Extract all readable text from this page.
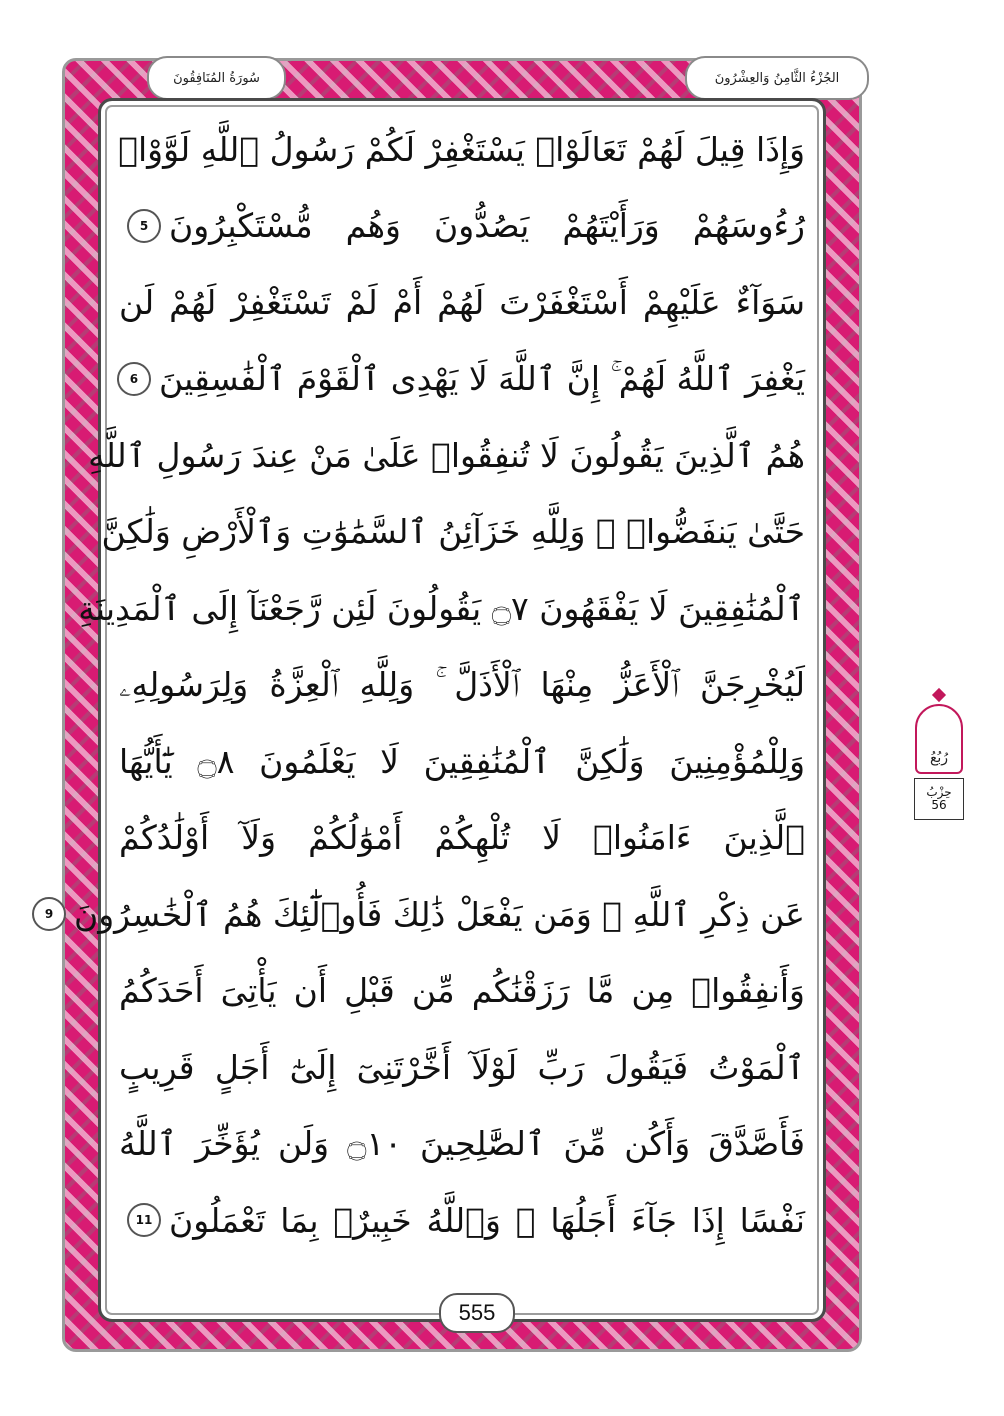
الجُزْءُ الثَّامِنُ وَالعِشْرُونَ
سُورَةُ المُنَافِقُونَ
وَإِذَا قِيلَ لَهُمْ تَعَالَوْا۟ يَسْتَغْفِرْ لَكُمْ رَسُولُ ٱللَّهِ لَوَّوْا۟
رُءُوسَهُمْ وَرَأَيْتَهُمْ يَصُدُّونَ وَهُم مُّسْتَكْبِرُونَ
5
سَوَآءٌ عَلَيْهِمْ أَسْتَغْفَرْتَ لَهُمْ أَمْ لَمْ تَسْتَغْفِرْ لَهُمْ لَن
يَغْفِرَ ٱللَّهُ لَهُمْ ۚ إِنَّ ٱللَّهَ لَا يَهْدِى ٱلْقَوْمَ ٱلْفَٰسِقِينَ
6
هُمُ ٱلَّذِينَ يَقُولُونَ لَا تُنفِقُوا۟ عَلَىٰ مَنْ عِندَ رَسُولِ ٱللَّهِ
حَتَّىٰ يَنفَضُّوا۟ ۗ وَلِلَّهِ خَزَآئِنُ ٱلسَّمَٰوَٰتِ وَٱلْأَرْضِ وَلَٰكِنَّ
ٱلْمُنَٰفِقِينَ لَا يَفْقَهُونَ ۝٧ يَقُولُونَ لَئِن رَّجَعْنَآ إِلَى ٱلْمَدِينَةِ
لَيُخْرِجَنَّ ٱلْأَعَزُّ مِنْهَا ٱلْأَذَلَّ ۚ وَلِلَّهِ ٱلْعِزَّةُ وَلِرَسُولِهِۦ
وَلِلْمُؤْمِنِينَ وَلَٰكِنَّ ٱلْمُنَٰفِقِينَ لَا يَعْلَمُونَ ۝٨ يَٰٓأَيُّهَا
ٱلَّذِينَ ءَامَنُوا۟ لَا تُلْهِكُمْ أَمْوَٰلُكُمْ وَلَآ أَوْلَٰدُكُمْ
عَن ذِكْرِ ٱللَّهِ ۚ وَمَن يَفْعَلْ ذَٰلِكَ فَأُو۟لَٰٓئِكَ هُمُ ٱلْخَٰسِرُونَ
9
وَأَنفِقُوا۟ مِن مَّا رَزَقْنَٰكُم مِّن قَبْلِ أَن يَأْتِىَ أَحَدَكُمُ
ٱلْمَوْتُ فَيَقُولَ رَبِّ لَوْلَآ أَخَّرْتَنِىٓ إِلَىٰٓ أَجَلٍ قَرِيبٍ
فَأَصَّدَّقَ وَأَكُن مِّنَ ٱلصَّٰلِحِينَ ۝١٠ وَلَن يُؤَخِّرَ ٱللَّهُ
نَفْسًا إِذَا جَآءَ أَجَلُهَا ۚ وَٱللَّهُ خَبِيرٌۢ بِمَا تَعْمَلُونَ
11
555
رُبُعُ
حِزْبُ
56
